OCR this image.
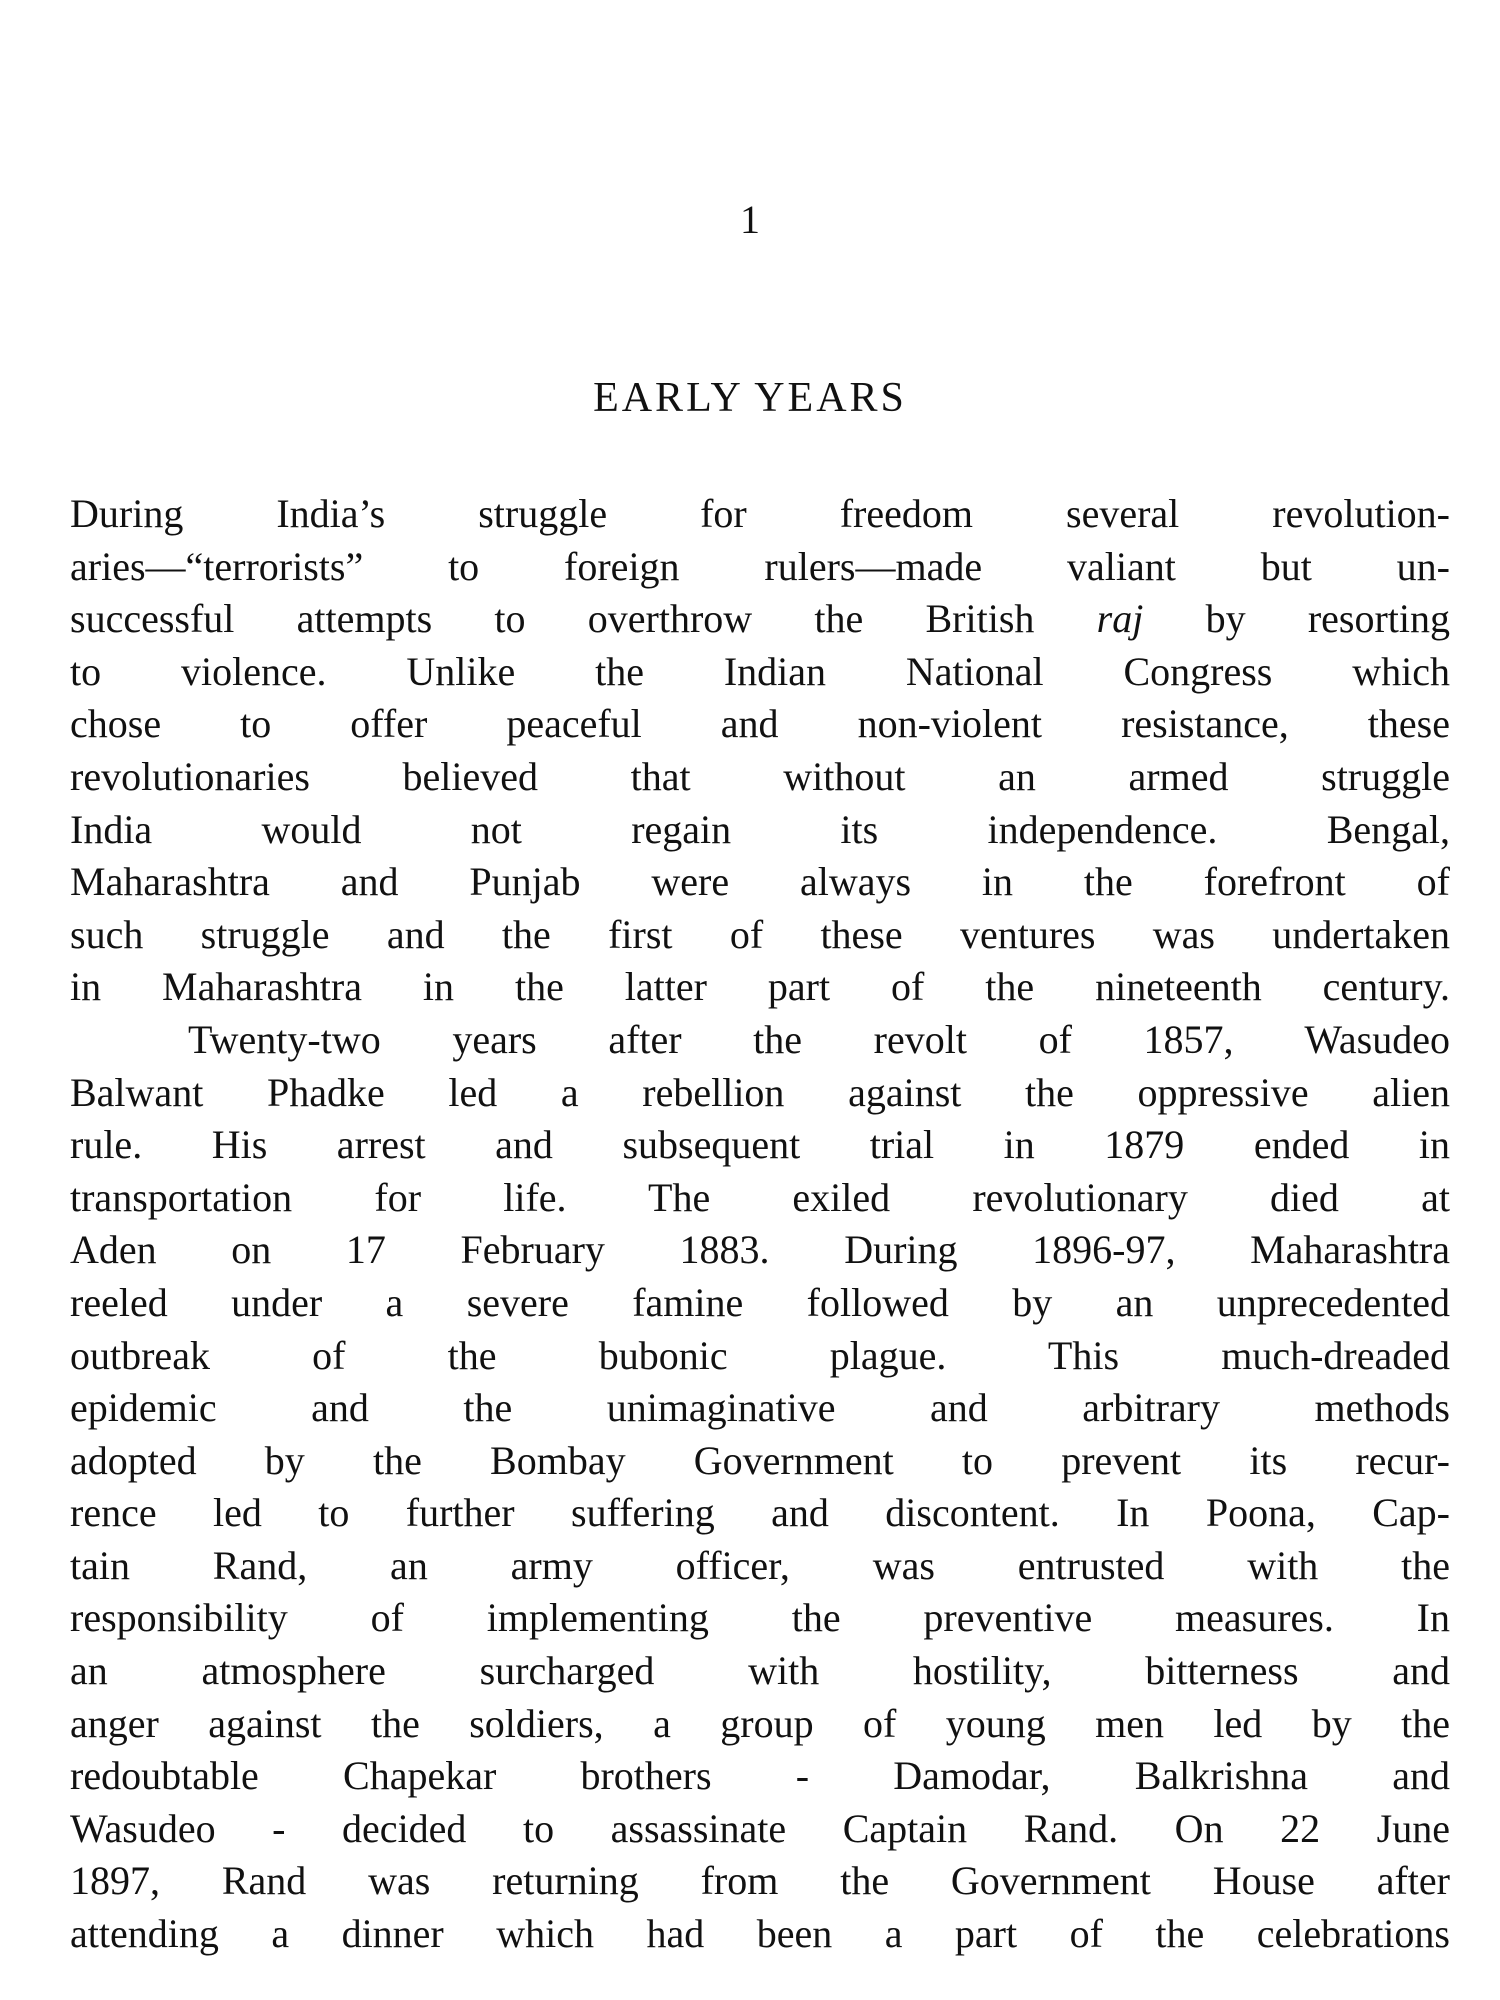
1
EARLY YEARS
During India’s struggle for freedom several revolution-
aries—“terrorists” to foreign rulers—made valiant but un-
successful attempts to overthrow the British raj by resorting
to violence. Unlike the Indian National Congress which
chose to offer peaceful and non-violent resistance, these
revolutionaries believed that without an armed struggle
India would not regain its independence. Bengal,
Maharashtra and Punjab were always in the forefront of
such struggle and the first of these ventures was undertaken
in Maharashtra in the latter part of the nineteenth century.
Twenty-two years after the revolt of 1857, Wasudeo
Balwant Phadke led a rebellion against the oppressive alien
rule. His arrest and subsequent trial in 1879 ended in
transportation for life. The exiled revolutionary died at
Aden on 17 February 1883. During 1896-97, Maharashtra
reeled under a severe famine followed by an unprecedented
outbreak of the bubonic plague. This much-dreaded
epidemic and the unimaginative and arbitrary methods
adopted by the Bombay Government to prevent its recur-
rence led to further suffering and discontent. In Poona, Cap-
tain Rand, an army officer, was entrusted with the
responsibility of implementing the preventive measures. In
an atmosphere surcharged with hostility, bitterness and
anger against the soldiers, a group of young men led by the
redoubtable Chapekar brothers - Damodar, Balkrishna and
Wasudeo - decided to assassinate Captain Rand. On 22 June
1897, Rand was returning from the Government House after
attending a dinner which had been a part of the celebrations
